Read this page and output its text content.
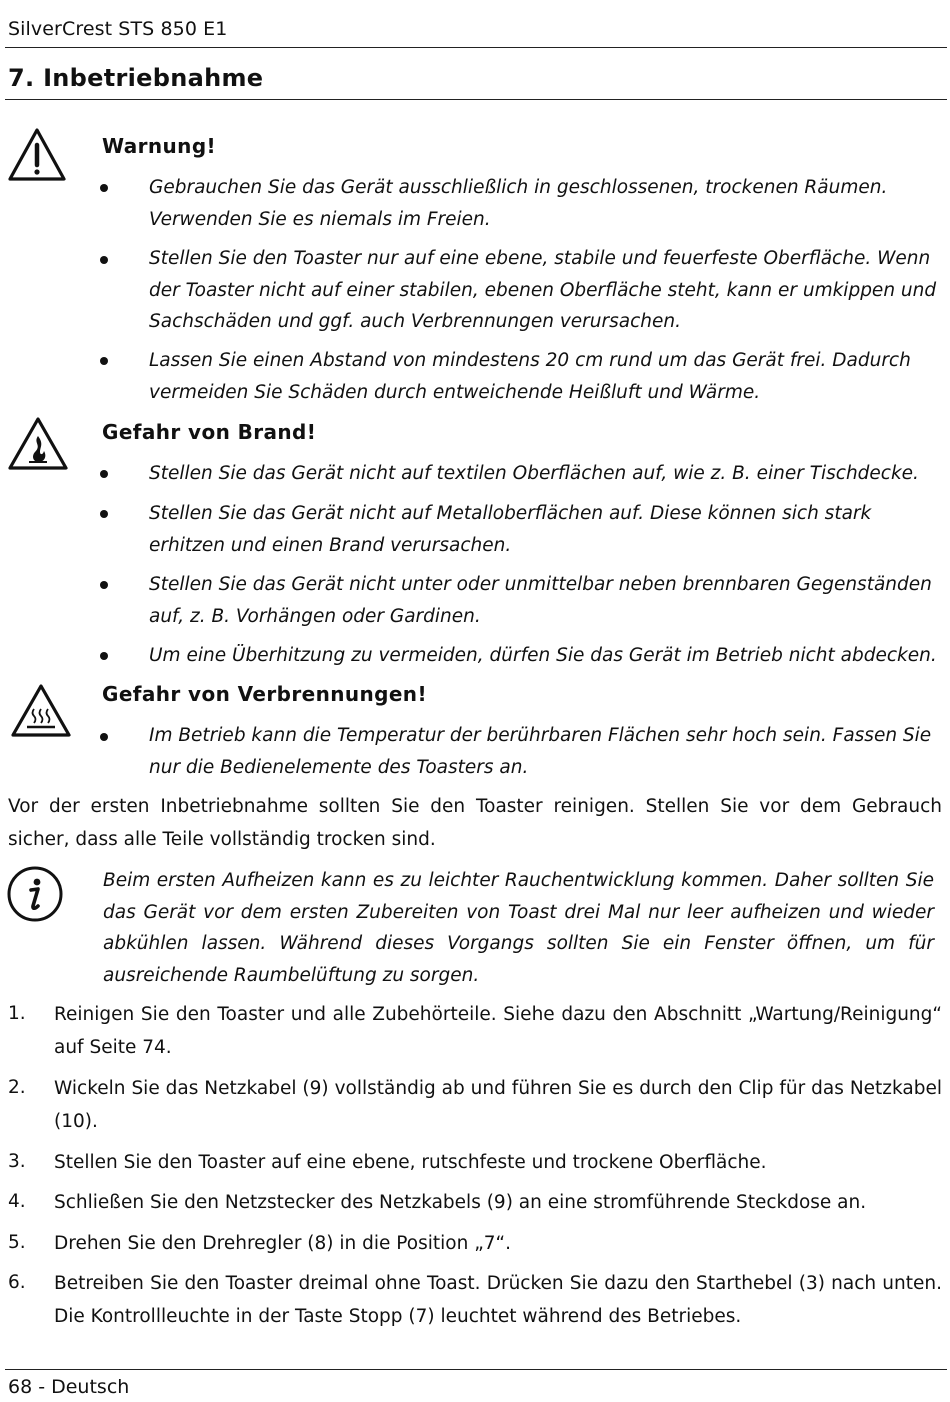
SilverCrest STS 850 E1
7. Inbetriebnahme
Warnung!
Gebrauchen Sie das Gerät ausschließlich in geschlossenen, trockenen Räumen. Verwenden Sie es niemals im Freien.
Stellen Sie den Toaster nur auf eine ebene, stabile und feuerfeste Oberfläche. Wenn der Toaster nicht auf einer stabilen, ebenen Oberfläche steht, kann er umkippen und Sachschäden und ggf. auch Verbrennungen verursachen.
Lassen Sie einen Abstand von mindestens 20 cm rund um das Gerät frei. Dadurch vermeiden Sie Schäden durch entweichende Heißluft und Wärme.
Gefahr von Brand!
Stellen Sie das Gerät nicht auf textilen Oberflächen auf, wie z. B. einer Tischdecke.
Stellen Sie das Gerät nicht auf Metalloberflächen auf. Diese können sich stark erhitzen und einen Brand verursachen.
Stellen Sie das Gerät nicht unter oder unmittelbar neben brennbaren Gegenständen auf, z. B. Vorhängen oder Gardinen.
Um eine Überhitzung zu vermeiden, dürfen Sie das Gerät im Betrieb nicht abdecken.
Gefahr von Verbrennungen!
Im Betrieb kann die Temperatur der berührbaren Flächen sehr hoch sein. Fassen Sie nur die Bedienelemente des Toasters an.
Vor der ersten Inbetriebnahme sollten Sie den Toaster reinigen. Stellen Sie vor dem Gebrauch sicher, dass alle Teile vollständig trocken sind.
Beim ersten Aufheizen kann es zu leichter Rauchentwicklung kommen. Daher sollten Sie das Gerät vor dem ersten Zubereiten von Toast drei Mal nur leer aufheizen und wieder abkühlen lassen. Während dieses Vorgangs sollten Sie ein Fenster öffnen, um für ausreichende Raumbelüftung zu sorgen.
1. Reinigen Sie den Toaster und alle Zubehörteile. Siehe dazu den Abschnitt „Wartung/Reinigung“ auf Seite 74.
2. Wickeln Sie das Netzkabel (9) vollständig ab und führen Sie es durch den Clip für das Netzkabel (10).
3. Stellen Sie den Toaster auf eine ebene, rutschfeste und trockene Oberfläche.
4. Schließen Sie den Netzstecker des Netzkabels (9) an eine stromführende Steckdose an.
5. Drehen Sie den Drehregler (8) in die Position „7“.
6. Betreiben Sie den Toaster dreimal ohne Toast. Drücken Sie dazu den Starthebel (3) nach unten. Die Kontrollleuchte in der Taste Stopp (7) leuchtet während des Betriebes.
68 - Deutsch
